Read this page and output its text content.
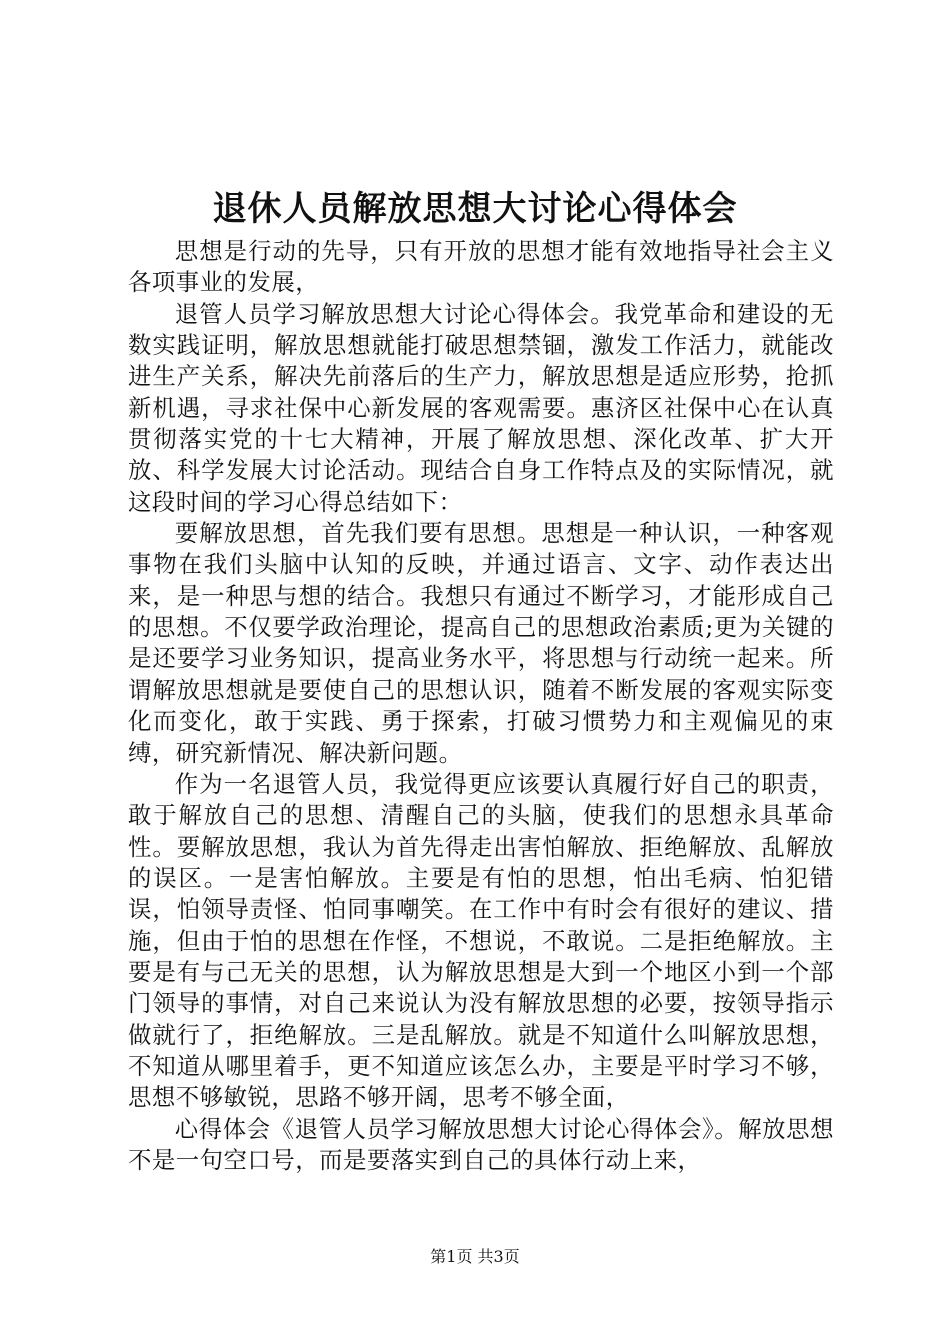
退休人员解放思想大讨论心得体会

思想是行动的先导，只有开放的思想才能有效地指导社会主义各项事业的发展，

退管人员学习解放思想大讨论心得体会。我党革命和建设的无数实践证明，解放思想就能打破思想禁锢，激发工作活力，就能改进生产关系，解决先前落后的生产力，解放思想是适应形势，抢抓新机遇，寻求社保中心新发展的客观需要。惠济区社保中心在认真贯彻落实党的十七大精神，开展了解放思想、深化改革、扩大开放、科学发展大讨论活动。现结合自身工作特点及的实际情况，就这段时间的学习心得总结如下：

要解放思想，首先我们要有思想。思想是一种认识，一种客观事物在我们头脑中认知的反映，并通过语言、文字、动作表达出来，是一种思与想的结合。我想只有通过不断学习，才能形成自己的思想。不仅要学政治理论，提高自己的思想政治素质;更为关键的是还要学习业务知识，提高业务水平，将思想与行动统一起来。所谓解放思想就是要使自己的思想认识，随着不断发展的客观实际变化而变化，敢于实践、勇于探索，打破习惯势力和主观偏见的束缚，研究新情况、解决新问题。

作为一名退管人员，我觉得更应该要认真履行好自己的职责，敢于解放自己的思想、清醒自己的头脑，使我们的思想永具革命性。要解放思想，我认为首先得走出害怕解放、拒绝解放、乱解放的误区。一是害怕解放。主要是有怕的思想，怕出毛病、怕犯错误，怕领导责怪、怕同事嘲笑。在工作中有时会有很好的建议、措施，但由于怕的思想在作怪，不想说，不敢说。二是拒绝解放。主要是有与己无关的思想，认为解放思想是大到一个地区小到一个部门领导的事情，对自己来说认为没有解放思想的必要，按领导指示做就行了，拒绝解放。三是乱解放。就是不知道什么叫解放思想，不知道从哪里着手，更不知道应该怎么办，主要是平时学习不够，思想不够敏锐，思路不够开阔，思考不够全面，

心得体会《退管人员学习解放思想大讨论心得体会》。解放思想不是一句空口号，而是要落实到自己的具体行动上来，

第1页 共3页
